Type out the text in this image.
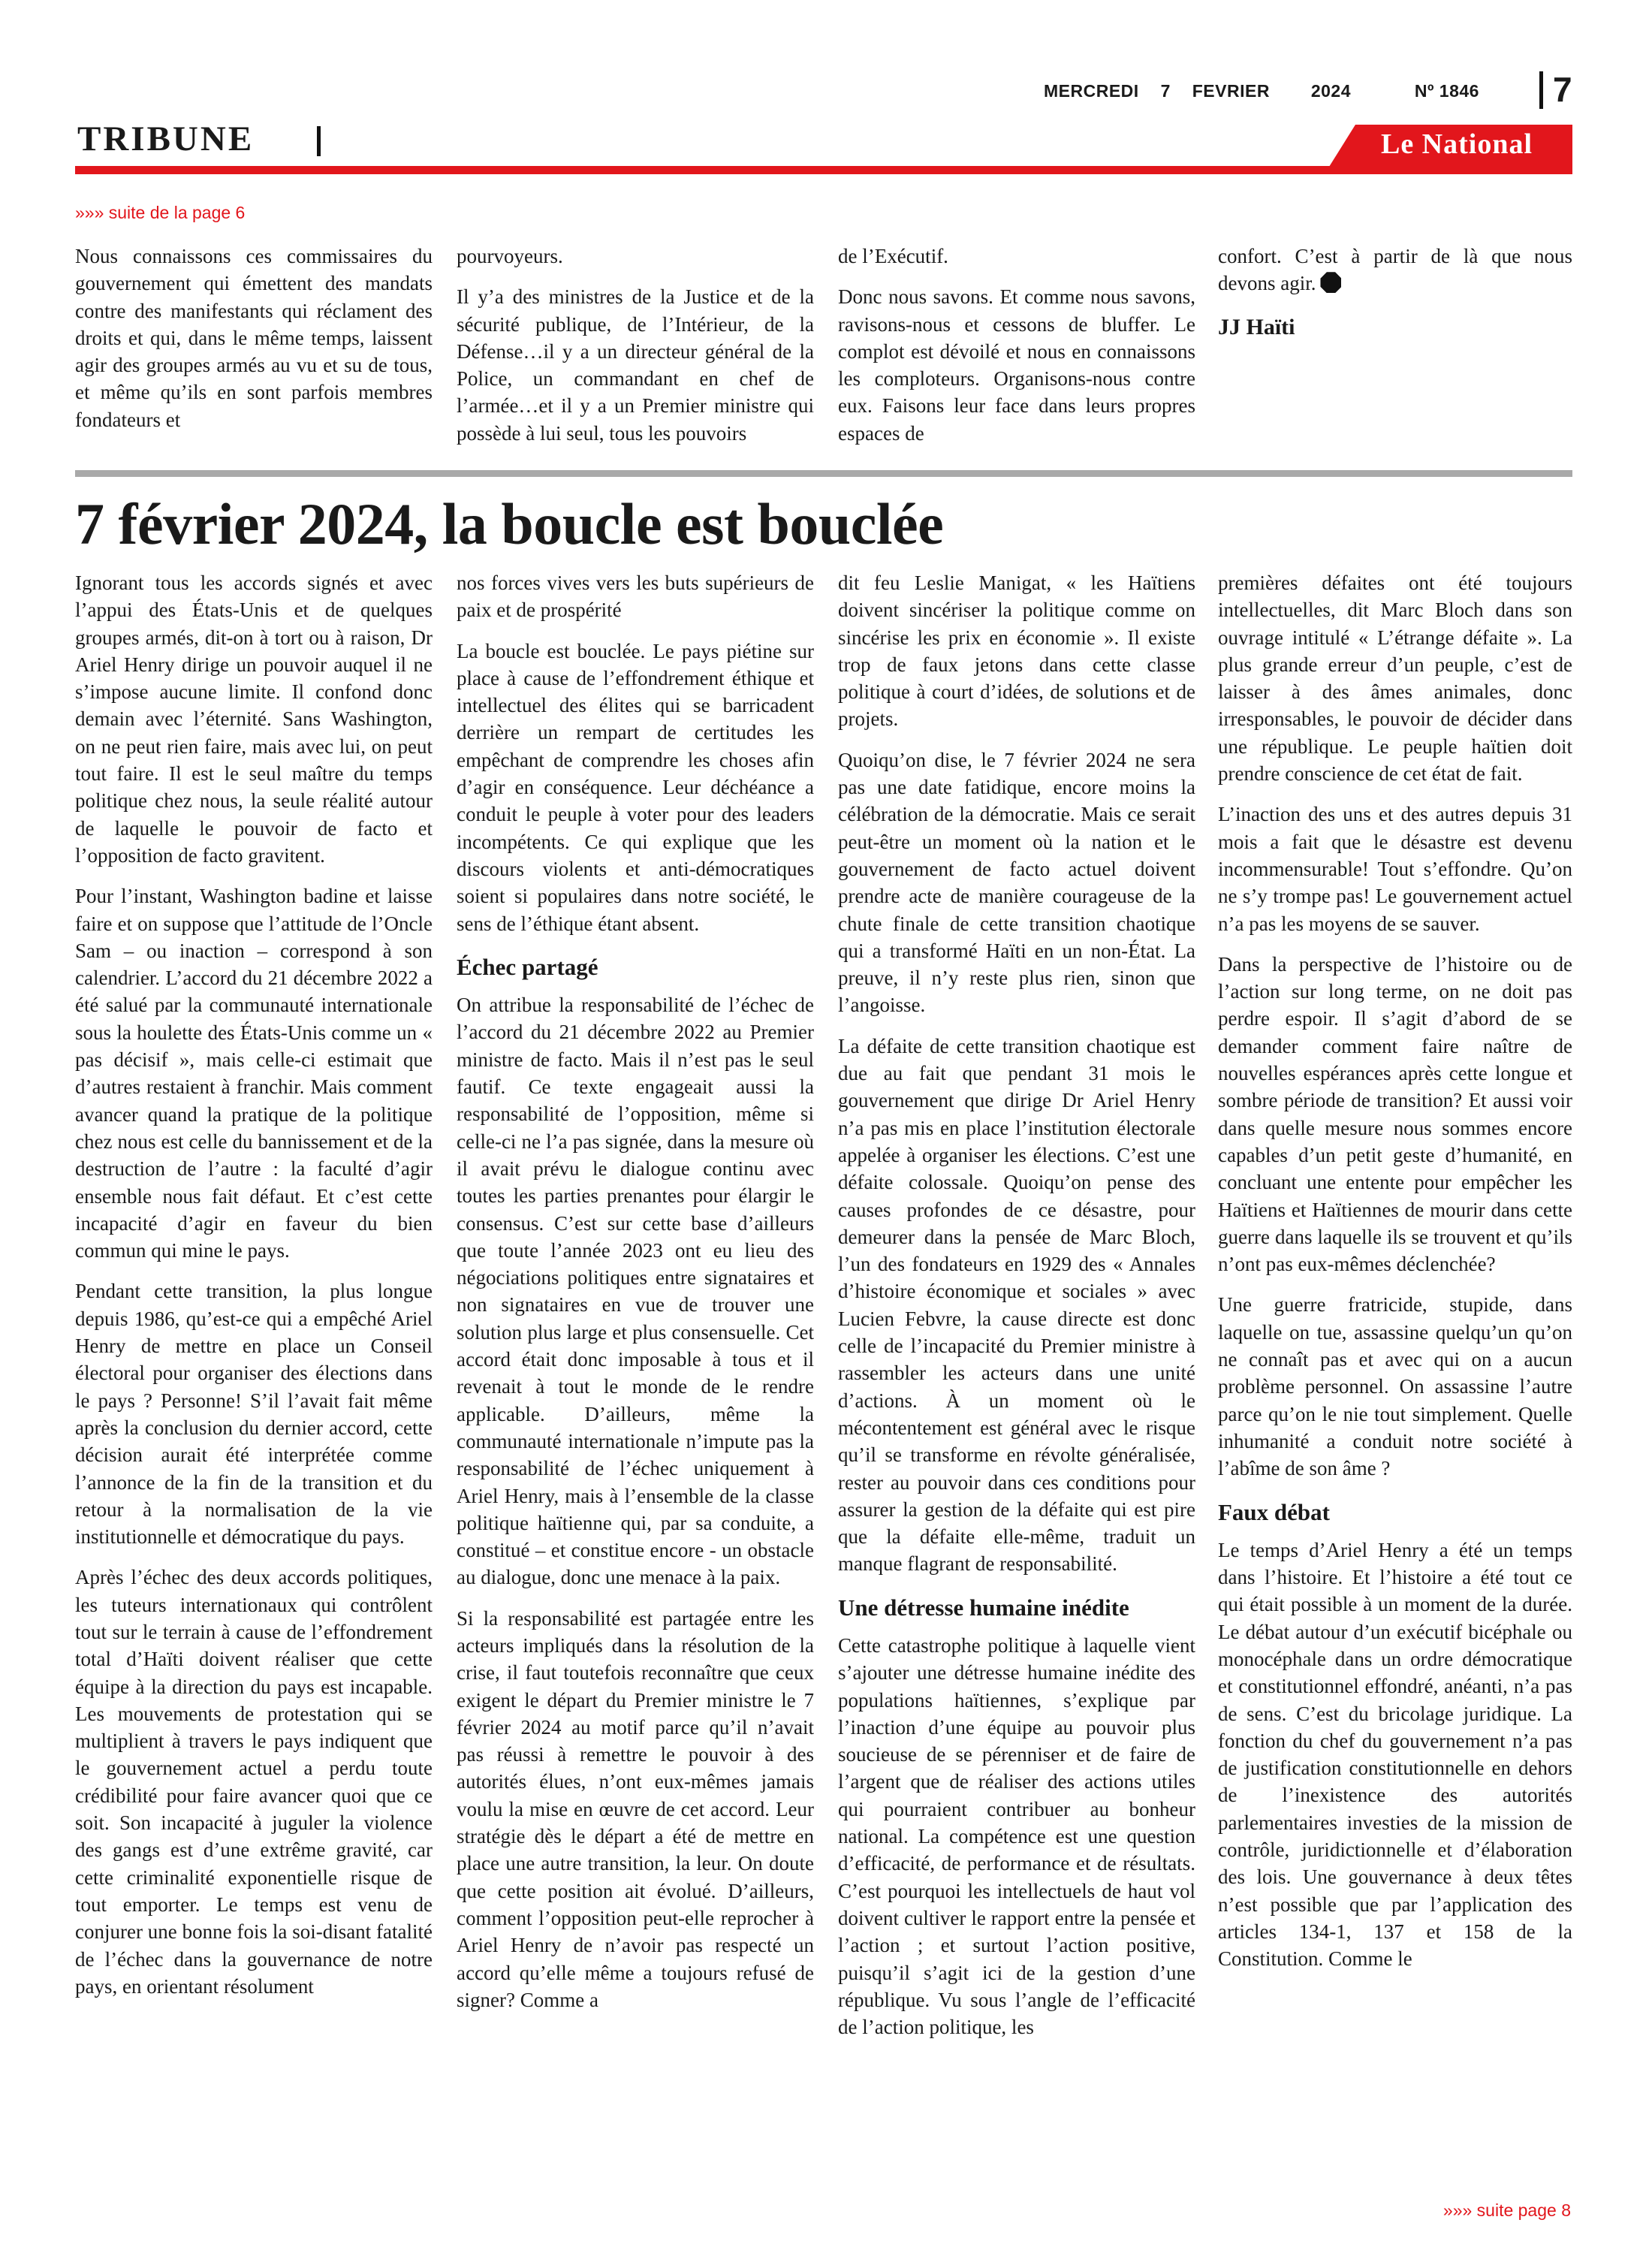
MERCREDI 7 FEVRIER 2024	Nº 1846	7
TRIBUNE	Le National
»»» suite de la page 6

Nous connaissons ces commissaires du gouvernement qui émettent des mandats contre des manifestants qui réclament des droits et qui, dans le même temps, laissent agir des groupes armés au vu et su de tous, et même qu’ils en sont parfois membres fondateurs et

pourvoyeurs.

Il y’a des ministres de la Justice et de la sécurité publique, de l’Intérieur, de la Défense…il y a un directeur général de la Police, un commandant en chef de l’armée…et il y a un Premier ministre qui possède à lui seul, tous les pouvoirs

de l’Exécutif.

Donc nous savons. Et comme nous savons, ravisons-nous et cessons de bluffer. Le complot est dévoilé et nous en connaissons les comploteurs. Organisons-nous contre eux. Faisons leur face dans leurs propres espaces de

confort. C’est à partir de là que nous devons agir.

JJ Haïti

7 février 2024, la boucle est bouclée

Ignorant tous les accords signés et avec l’appui des États-Unis et de quelques groupes armés, dit-on à tort ou à raison, Dr Ariel Henry dirige un pouvoir auquel il ne s’impose aucune limite. Il confond donc demain avec l’éternité. Sans Washington, on ne peut rien faire, mais avec lui, on peut tout faire. Il est le seul maître du temps politique chez nous, la seule réalité autour de laquelle le pouvoir de facto et l’opposition de facto gravitent.

Pour l’instant, Washington badine et laisse faire et on suppose que l’attitude de l’Oncle Sam – ou inaction – correspond à son calendrier. L’accord du 21 décembre 2022 a été salué par la communauté internationale sous la houlette des États-Unis comme un « pas décisif », mais celle-ci estimait que d’autres restaient à franchir. Mais comment avancer quand la pratique de la politique chez nous est celle du bannissement et de la destruction de l’autre : la faculté d’agir ensemble nous fait défaut. Et c’est cette incapacité d’agir en faveur du bien commun qui mine le pays.

Pendant cette transition, la plus longue depuis 1986, qu’est-ce qui a empêché Ariel Henry de mettre en place un Conseil électoral pour organiser des élections dans le pays ? Personne! S’il l’avait fait même après la conclusion du dernier accord, cette décision aurait été interprétée comme l’annonce de la fin de la transition et du retour à la normalisation de la vie institutionnelle et démocratique du pays.

Après l’échec des deux accords politiques, les tuteurs internationaux qui contrôlent tout sur le terrain à cause de l’effondrement total d’Haïti doivent réaliser que cette équipe à la direction du pays est incapable. Les mouvements de protestation qui se multiplient à travers le pays indiquent que le gouvernement actuel a perdu toute crédibilité pour faire avancer quoi que ce soit. Son incapacité à juguler la violence des gangs est d’une extrême gravité, car cette criminalité exponentielle risque de tout emporter. Le temps est venu de conjurer une bonne fois la soi-disant fatalité de l’échec dans la gouvernance de notre pays, en orientant résolument

nos forces vives vers les buts supérieurs de paix et de prospérité

La boucle est bouclée. Le pays piétine sur place à cause de l’effondrement éthique et intellectuel des élites qui se barricadent derrière un rempart de certitudes les empêchant de comprendre les choses afin d’agir en conséquence. Leur déchéance a conduit le peuple à voter pour des leaders incompétents. Ce qui explique que les discours violents et anti-démocratiques soient si populaires dans notre société, le sens de l’éthique étant absent.

Échec partagé

On attribue la responsabilité de l’échec de l’accord du 21 décembre 2022 au Premier ministre de facto. Mais il n’est pas le seul fautif. Ce texte engageait aussi la responsabilité de l’opposition, même si celle-ci ne l’a pas signée, dans la mesure où il avait prévu le dialogue continu avec toutes les parties prenantes pour élargir le consensus. C’est sur cette base d’ailleurs que toute l’année 2023 ont eu lieu des négociations politiques entre signataires et non signataires en vue de trouver une solution plus large et plus consensuelle. Cet accord était donc imposable à tous et il revenait à tout le monde de le rendre applicable. D’ailleurs, même la communauté internationale n’impute pas la responsabilité de l’échec uniquement à Ariel Henry, mais à l’ensemble de la classe politique haïtienne qui, par sa conduite, a constitué – et constitue encore - un obstacle au dialogue, donc une menace à la paix.

Si la responsabilité est partagée entre les acteurs impliqués dans la résolution de la crise, il faut toutefois reconnaître que ceux exigent le départ du Premier ministre le 7 février 2024 au motif parce qu’il n’avait pas réussi à remettre le pouvoir à des autorités élues, n’ont eux-mêmes jamais voulu la mise en œuvre de cet accord. Leur stratégie dès le départ a été de mettre en place une autre transition, la leur. On doute que cette position ait évolué. D’ailleurs, comment l’opposition peut-elle reprocher à Ariel Henry de n’avoir pas respecté un accord qu’elle même a toujours refusé de signer? Comme a

dit feu Leslie Manigat, « les Haïtiens doivent sincériser la politique comme on sincérise les prix en économie ». Il existe trop de faux jetons dans cette classe politique à court d’idées, de solutions et de projets.

Quoiqu’on dise, le 7 février 2024 ne sera pas une date fatidique, encore moins la célébration de la démocratie. Mais ce serait peut-être un moment où la nation et le gouvernement de facto actuel doivent prendre acte de manière courageuse de la chute finale de cette transition chaotique qui a transformé Haïti en un non-État. La preuve, il n’y reste plus rien, sinon que l’angoisse.

La défaite de cette transition chaotique est due au fait que pendant 31 mois le gouvernement que dirige Dr Ariel Henry n’a pas mis en place l’institution électorale appelée à organiser les élections. C’est une défaite colossale. Quoiqu’on pense des causes profondes de ce désastre, pour demeurer dans la pensée de Marc Bloch, l’un des fondateurs en 1929 des « Annales d’histoire économique et sociales » avec Lucien Febvre, la cause directe est donc celle de l’incapacité du Premier ministre à rassembler les acteurs dans une unité d’actions. À un moment où le mécontentement est général avec le risque qu’il se transforme en révolte généralisée, rester au pouvoir dans ces conditions pour assurer la gestion de la défaite qui est pire que la défaite elle-même, traduit un manque flagrant de responsabilité.

Une détresse humaine inédite

Cette catastrophe politique à laquelle vient s’ajouter une détresse humaine inédite des populations haïtiennes, s’explique par l’inaction d’une équipe au pouvoir plus soucieuse de se pérenniser et de faire de l’argent que de réaliser des actions utiles qui pourraient contribuer au bonheur national. La compétence est une question d’efficacité, de performance et de résultats. C’est pourquoi les intellectuels de haut vol doivent cultiver le rapport entre la pensée et l’action ; et surtout l’action positive, puisqu’il s’agit ici de la gestion d’une république. Vu sous l’angle de l’efficacité de l’action politique, les

premières défaites ont été toujours intellectuelles, dit Marc Bloch dans son ouvrage intitulé « L’étrange défaite ». La plus grande erreur d’un peuple, c’est de laisser à des âmes animales, donc irresponsables, le pouvoir de décider dans une république. Le peuple haïtien doit prendre conscience de cet état de fait.

L’inaction des uns et des autres depuis 31 mois a fait que le désastre est devenu incommensurable! Tout s’effondre. Qu’on ne s’y trompe pas! Le gouvernement actuel n’a pas les moyens de se sauver.

Dans la perspective de l’histoire ou de l’action sur long terme, on ne doit pas perdre espoir. Il s’agit d’abord de se demander comment faire naître de nouvelles espérances après cette longue et sombre période de transition? Et aussi voir dans quelle mesure nous sommes encore capables d’un petit geste d’humanité, en concluant une entente pour empêcher les Haïtiens et Haïtiennes de mourir dans cette guerre dans laquelle ils se trouvent et qu’ils n’ont pas eux-mêmes déclenchée?

Une guerre fratricide, stupide, dans laquelle on tue, assassine quelqu’un qu’on ne connaît pas et avec qui on a aucun problème personnel. On assassine l’autre parce qu’on le nie tout simplement. Quelle inhumanité a conduit notre société à l’abîme de son âme ?

Faux débat

Le temps d’Ariel Henry a été un temps dans l’histoire. Et l’histoire a été tout ce qui était possible à un moment de la durée. Le débat autour d’un exécutif bicéphale ou monocéphale dans un ordre démocratique et constitutionnel effondré, anéanti, n’a pas de sens. C’est du bricolage juridique. La fonction du chef du gouvernement n’a pas de justification constitutionnelle en dehors de l’inexistence des autorités parlementaires investies de la mission de contrôle, juridictionnelle et d’élaboration des lois. Une gouvernance à deux têtes n’est possible que par l’application des articles 134-1, 137 et 158 de la Constitution. Comme le

»»» suite page 8
